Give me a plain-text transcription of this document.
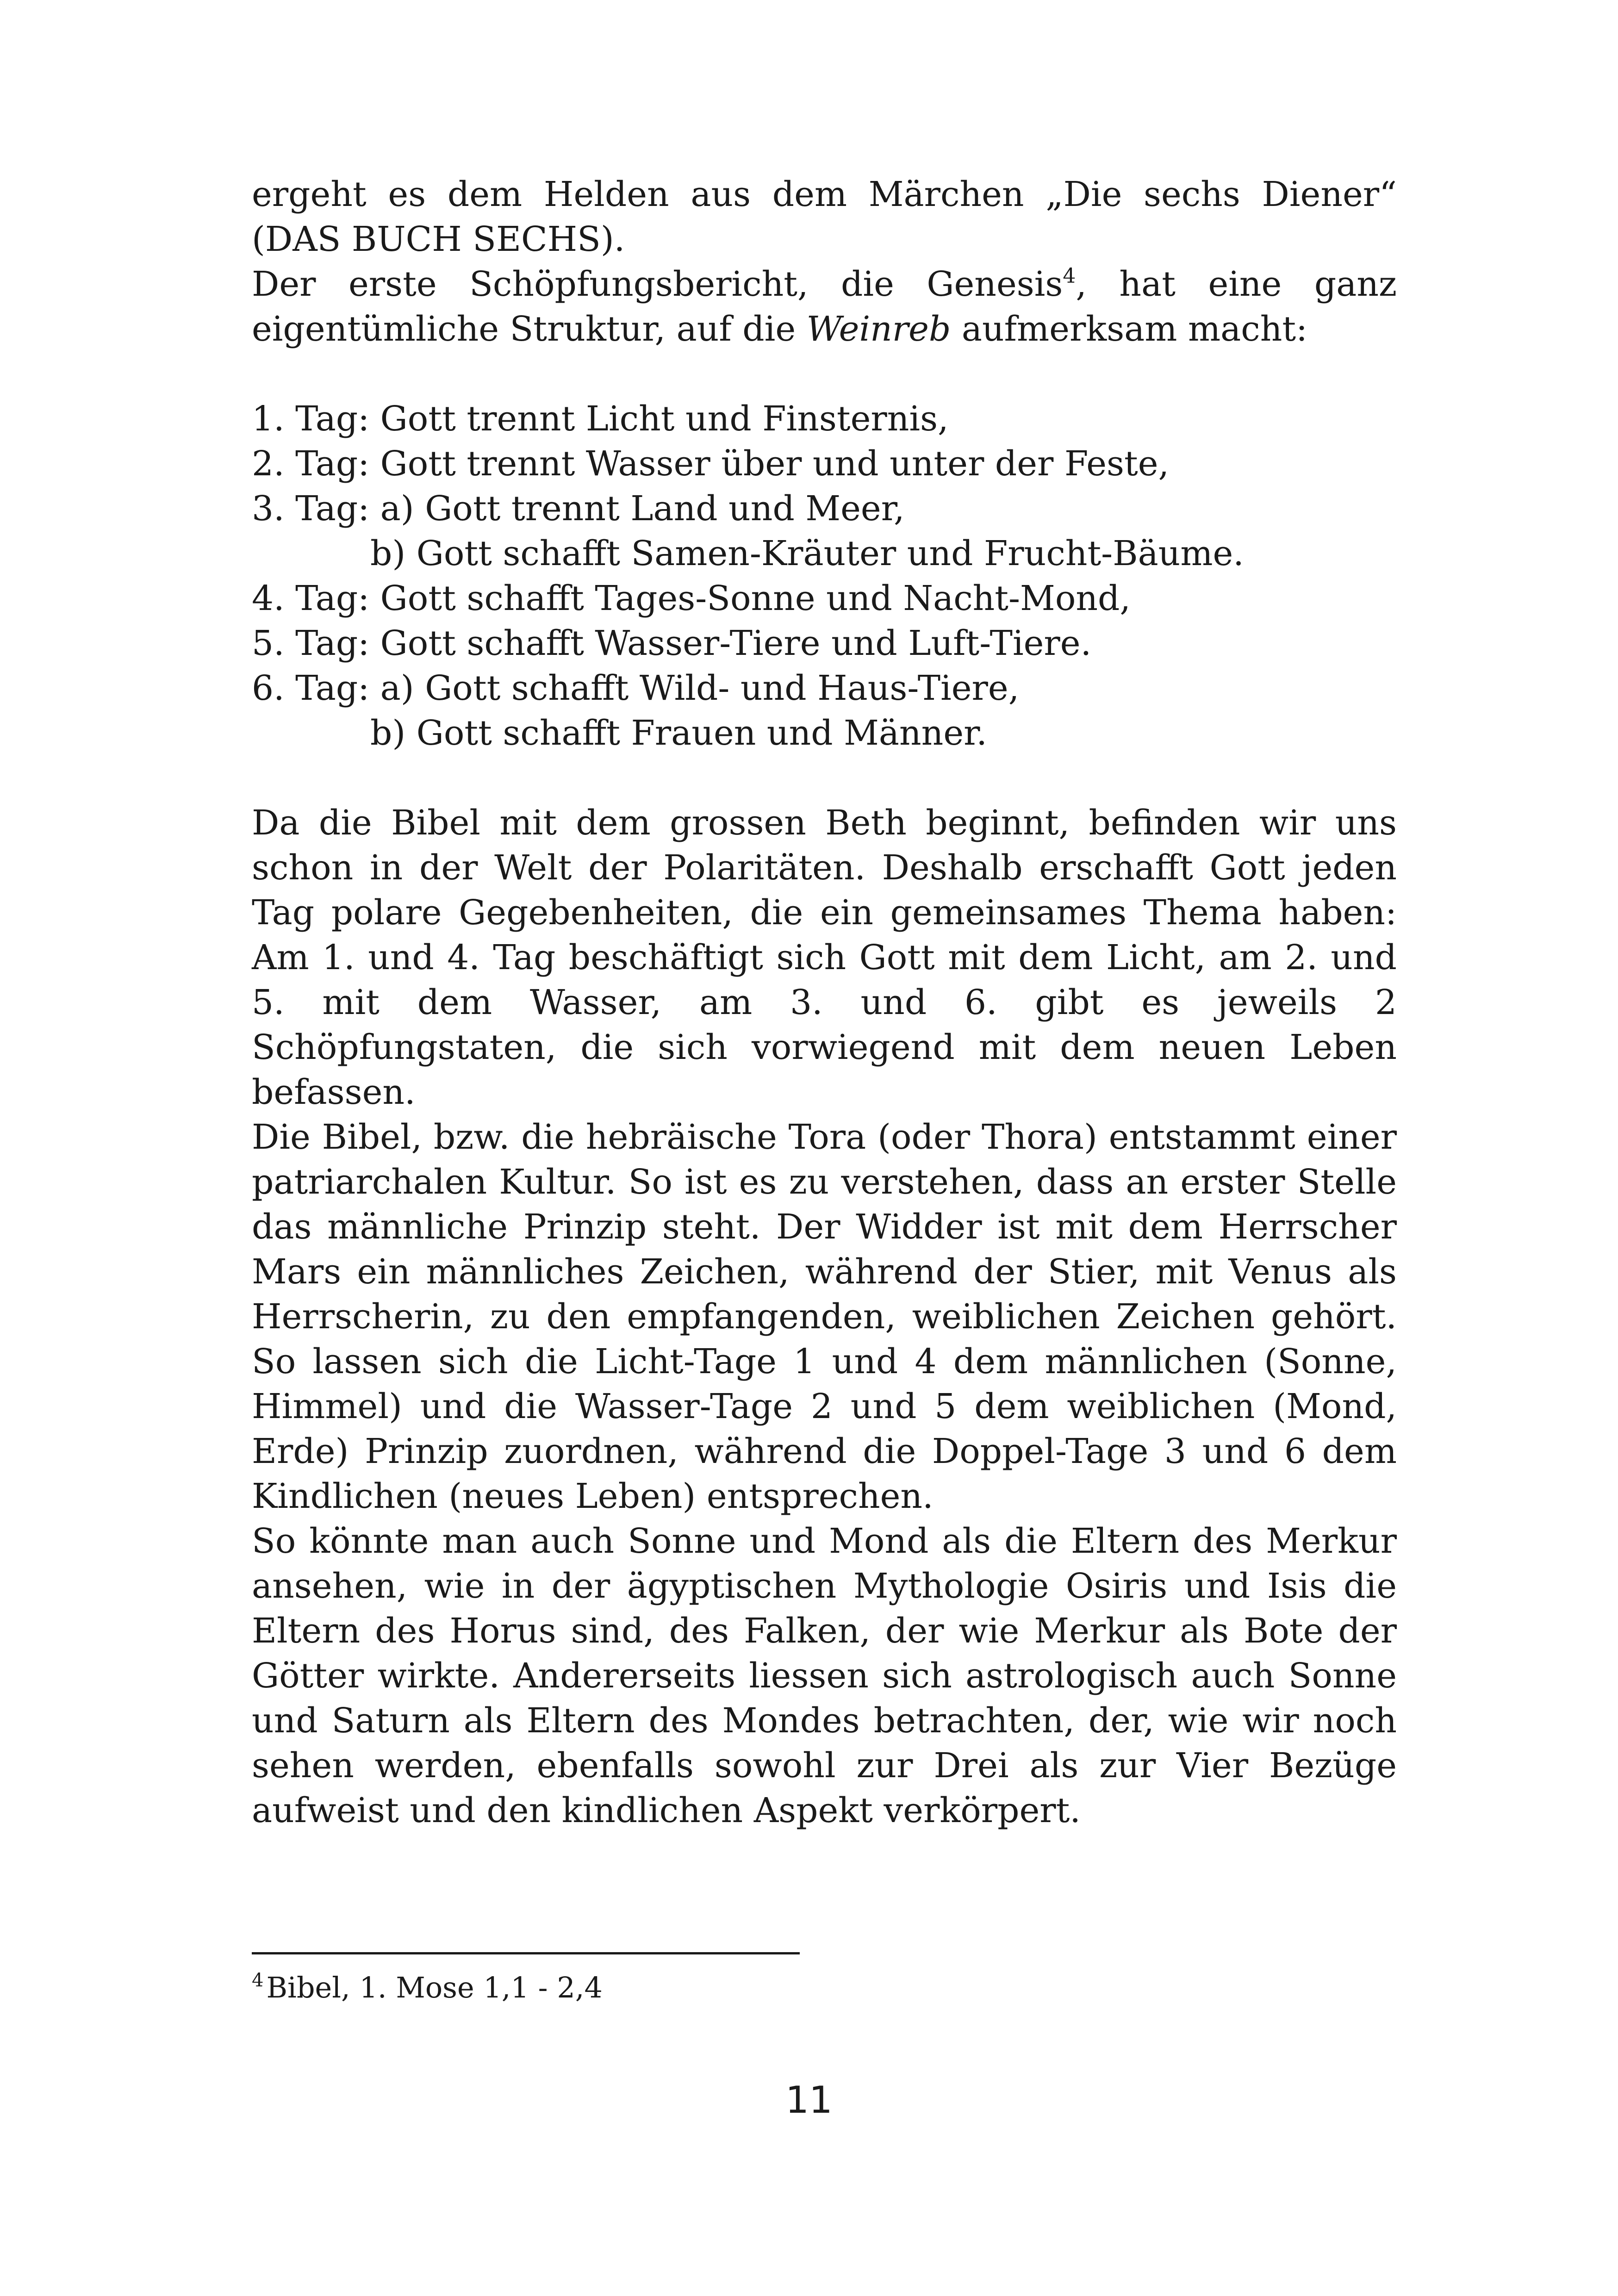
ergeht es dem Helden aus dem Märchen „Die sechs Diener“ (DAS BUCH SECHS).

Der erste Schöpfungsbericht, die Genesis$^4$, hat eine ganz eigentümliche Struktur, auf die Weinreb aufmerksam macht:

1. Tag: Gott trennt Licht und Finsternis,
2. Tag: Gott trennt Wasser über und unter der Feste,
3. Tag: a) Gott trennt Land und Meer,
b) Gott schafft Samen-Kräuter und Frucht-Bäume.
4. Tag: Gott schafft Tages-Sonne und Nacht-Mond,
5. Tag: Gott schafft Wasser-Tiere und Luft-Tiere.
6. Tag: a) Gott schafft Wild- und Haus-Tiere,
b) Gott schafft Frauen und Männer.

Da die Bibel mit dem grossen Beth beginnt, befinden wir uns schon in der Welt der Polaritäten. Deshalb erschafft Gott jeden Tag polare Gegebenheiten, die ein gemeinsames Thema haben: Am 1. und 4. Tag beschäftigt sich Gott mit dem Licht, am 2. und 5. mit dem Wasser, am 3. und 6. gibt es jeweils 2 Schöpfungstaten, die sich vorwiegend mit dem neuen Leben befassen.

Die Bibel, bzw. die hebräische Tora (oder Thora) entstammt einer patriarchalen Kultur. So ist es zu verstehen, dass an erster Stelle das männliche Prinzip steht. Der Widder ist mit dem Herrscher Mars ein männliches Zeichen, während der Stier, mit Venus als Herrscherin, zu den empfangenden, weiblichen Zeichen gehört. So lassen sich die Licht-Tage 1 und 4 dem männlichen (Sonne, Himmel) und die Wasser-Tage 2 und 5 dem weiblichen (Mond, Erde) Prinzip zuordnen, während die Doppel-Tage 3 und 6 dem Kindlichen (neues Leben) entsprechen.

So könnte man auch Sonne und Mond als die Eltern des Merkur ansehen, wie in der ägyptischen Mythologie Osiris und Isis die Eltern des Horus sind, des Falken, der wie Merkur als Bote der Götter wirkte. Andererseits liessen sich astrologisch auch Sonne und Saturn als Eltern des Mondes betrachten, der, wie wir noch sehen werden, ebenfalls sowohl zur Drei als zur Vier Bezüge aufweist und den kindlichen Aspekt verkörpert.

$^4$Bibel, 1. Mose 1,1 - 2,4
11
